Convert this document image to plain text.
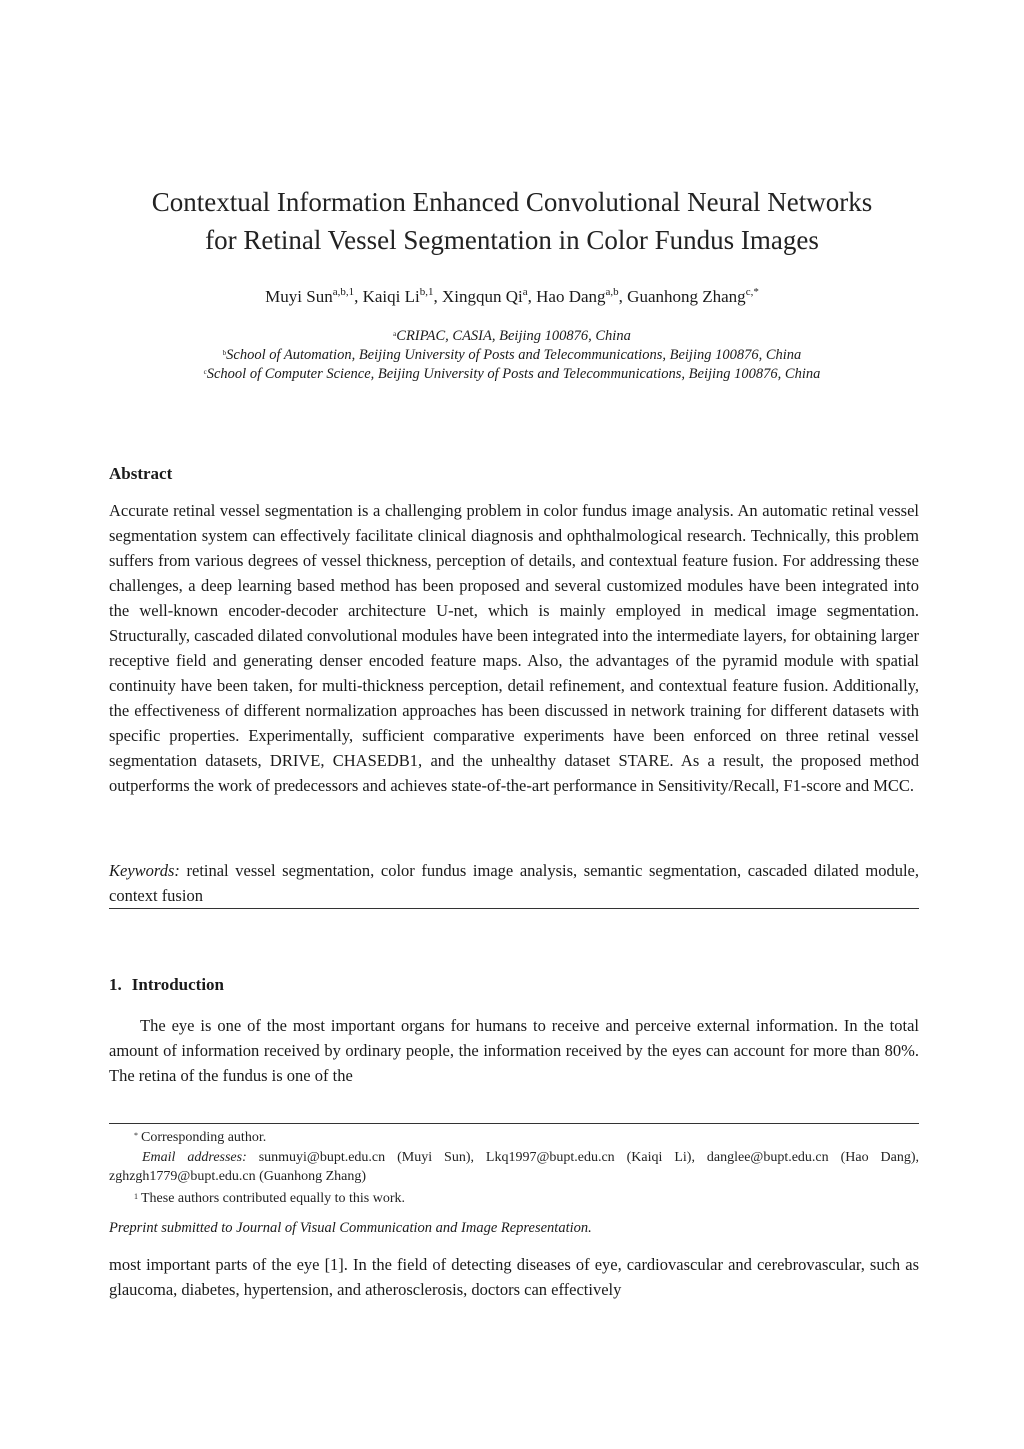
Contextual Information Enhanced Convolutional Neural Networks
for Retinal Vessel Segmentation in Color Fundus Images
Muyi Sun$^{a,b,1}$, Kaiqi Li$^{b,1}$, Xingqun Qi$^a$, Hao Dang$^{a,b}$, Guanhong Zhang$^{c,*}$
$^a$CRIPAC, CASIA, Beijing 100876, China
$^b$School of Automation, Beijing University of Posts and Telecommunications, Beijing 100876, China
$^c$School of Computer Science, Beijing University of Posts and Telecommunications, Beijing 100876, China
Abstract

Accurate retinal vessel segmentation is a challenging problem in color fundus image analysis. An automatic retinal vessel segmentation system can effectively facilitate clinical diagnosis and ophthalmological research. Technically, this problem suffers from various degrees of vessel thickness, perception of details, and contextual feature fusion. For addressing these challenges, a deep learning based method has been proposed and several customized modules have been integrated into the well-known encoder-decoder architecture U-net, which is mainly employed in medical image segmentation. Structurally, cascaded dilated convolutional modules have been integrated into the intermediate layers, for obtaining larger receptive field and generating denser encoded feature maps. Also, the advantages of the pyramid module with spatial continuity have been taken, for multi-thickness perception, detail refinement, and contextual feature fusion. Additionally, the effectiveness of different normalization approaches has been discussed in network training for different datasets with specific properties. Experimentally, sufficient comparative experiments have been enforced on three retinal vessel segmentation datasets, DRIVE, CHASEDB1, and the unhealthy dataset STARE. As a result, the proposed method outperforms the work of predecessors and achieves state-of-the-art performance in Sensitivity/Recall, F1-score and MCC.

Keywords: retinal vessel segmentation, color fundus image analysis, semantic segmentation, cascaded dilated module, context fusion

1. Introduction

The eye is one of the most important organs for humans to receive and perceive external information. In the total amount of information received by ordinary people, the information received by the eyes can account for more than 80%. The retina of the fundus is one of the

* Corresponding author.
Email addresses: sunmuyi@bupt.edu.cn (Muyi Sun), Lkq1997@bupt.edu.cn (Kaiqi Li), danglee@bupt.edu.cn (Hao Dang), zghzgh1779@bupt.edu.cn (Guanhong Zhang)
$^1$ These authors contributed equally to this work.
Preprint submitted to Journal of Visual Communication and Image Representation.

most important parts of the eye [1]. In the field of detecting diseases of eye, cardiovascular and cerebrovascular, such as glaucoma, diabetes, hypertension, and atherosclerosis, doctors can effectively
